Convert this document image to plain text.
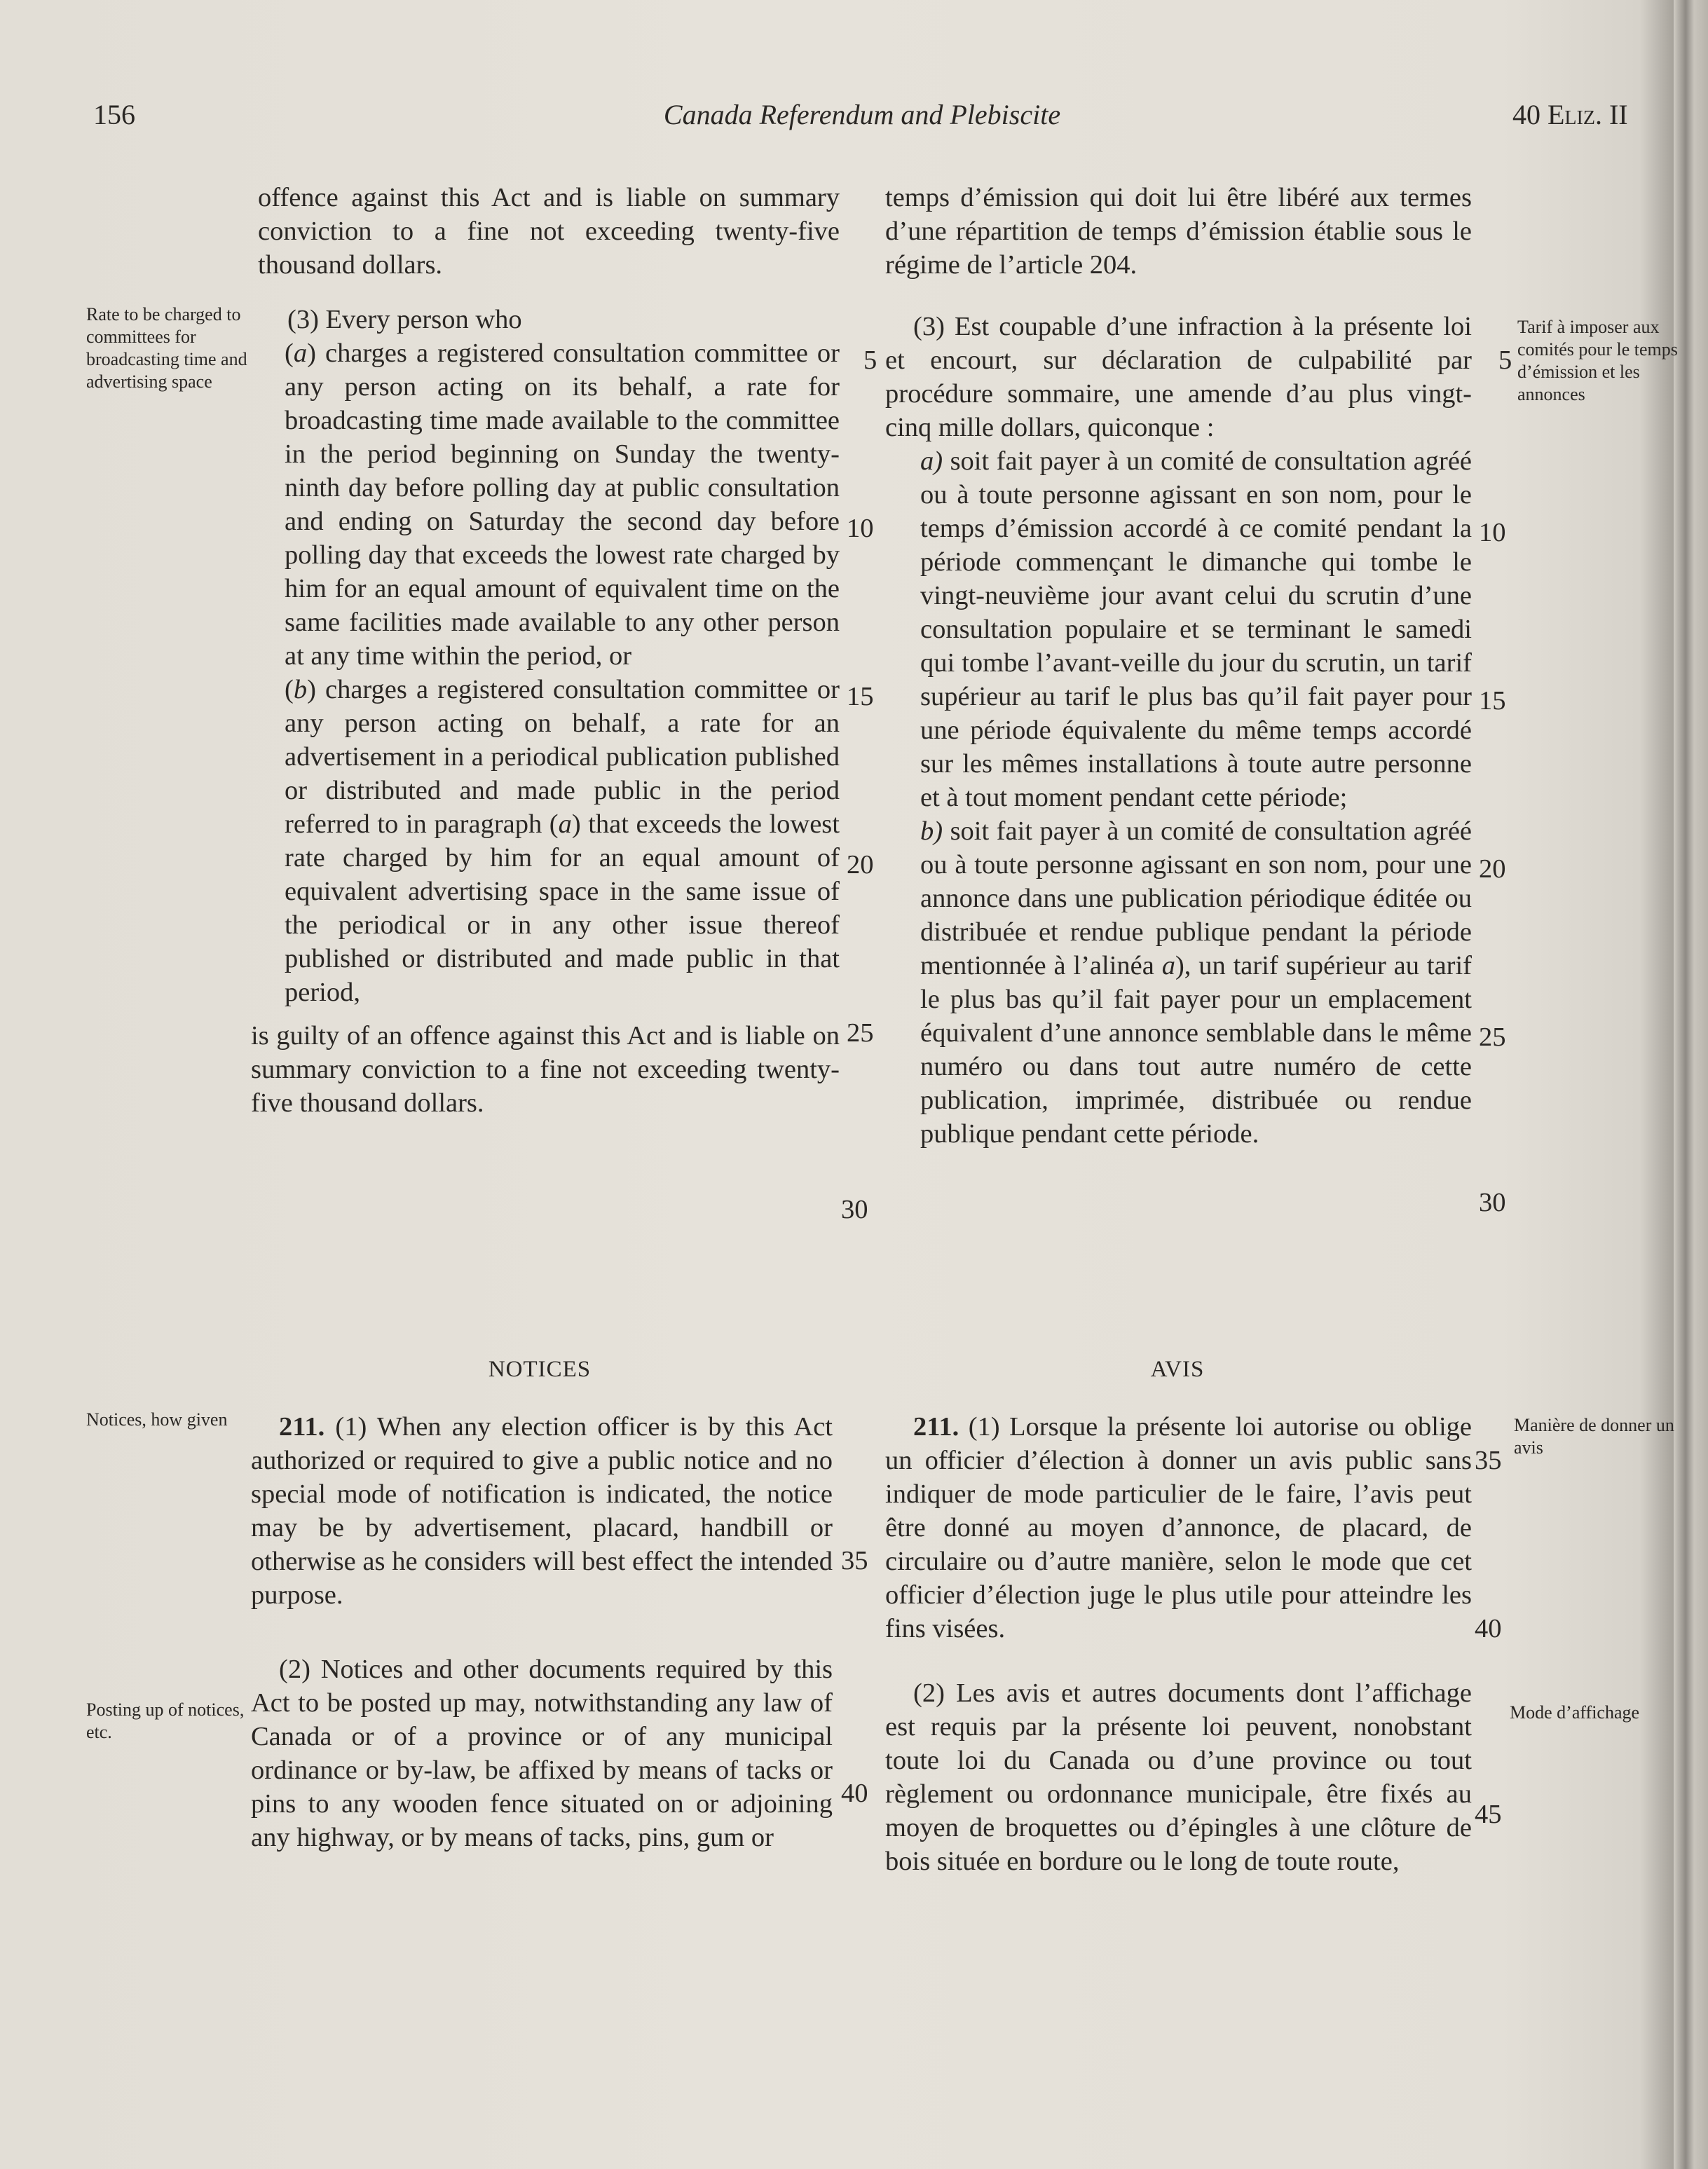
156	Canada Referendum and Plebiscite	40 Eliz. II
Rate to be charged to committees for broadcasting time and advertising space
Notices, how given
Posting up of notices, etc.
Tarif à imposer aux comités pour le temps d’émission et les annonces
Manière de donner un avis
Mode d’affichage
offence against this Act and is liable on summary conviction to a fine not exceeding twenty-five thousand dollars.

(3) Every person who

(a) charges a registered consultation committee or any person acting on its behalf, a rate for broadcasting time made available to the committee in the period beginning on Sunday the twenty-ninth day before polling day at public consultation and ending on Saturday the second day before polling day that exceeds the lowest rate charged by him for an equal amount of equivalent time on the same facilities made available to any other person at any time within the period, or

(b) charges a registered consultation committee or any person acting on behalf, a rate for an advertisement in a periodical publication published or distributed and made public in the period referred to in paragraph (a) that exceeds the lowest rate charged by him for an equal amount of equivalent advertising space in the same issue of the periodical or in any other issue thereof published or distributed and made public in that period,

is guilty of an offence against this Act and is liable on summary conviction to a fine not exceeding twenty-five thousand dollars.

NOTICES

211. (1) When any election officer is by this Act authorized or required to give a public notice and no special mode of notification is indicated, the notice may be by advertisement, placard, handbill or otherwise as he considers will best effect the intended purpose.

(2) Notices and other documents required by this Act to be posted up may, notwithstanding any law of Canada or of a province or of any municipal ordinance or by-law, be affixed by means of tacks or pins to any wooden fence situated on or adjoining any highway, or by means of tacks, pins, gum or

5
10
15
20
25
30
35
40
temps d’émission qui doit lui être libéré aux termes d’une répartition de temps d’émission établie sous le régime de l’article 204.

(3) Est coupable d’une infraction à la présente loi et encourt, sur déclaration de culpabilité par procédure sommaire, une amende d’au plus vingt-cinq mille dollars, quiconque :

a) soit fait payer à un comité de consultation agréé ou à toute personne agissant en son nom, pour le temps d’émission accordé à ce comité pendant la période commençant le dimanche qui tombe le vingt-neuvième jour avant celui du scrutin d’une consultation populaire et se terminant le samedi qui tombe l’avant-veille du jour du scrutin, un tarif supérieur au tarif le plus bas qu’il fait payer pour une période équivalente du même temps accordé sur les mêmes installations à toute autre personne et à tout moment pendant cette période;

b) soit fait payer à un comité de consultation agréé ou à toute personne agissant en son nom, pour une annonce dans une publication périodique éditée ou distribuée et rendue publique pendant la période mentionnée à l’alinéa a), un tarif supérieur au tarif le plus bas qu’il fait payer pour un emplacement équivalent d’une annonce semblable dans le même numéro ou dans tout autre numéro de cette publication, imprimée, distribuée ou rendue publique pendant cette période.

AVIS

211. (1) Lorsque la présente loi autorise ou oblige un officier d’élection à donner un avis public sans indiquer de mode particulier de le faire, l’avis peut être donné au moyen d’annonce, de placard, de circulaire ou d’autre manière, selon le mode que cet officier d’élection juge le plus utile pour atteindre les fins visées.

(2) Les avis et autres documents dont l’affichage est requis par la présente loi peuvent, nonobstant toute loi du Canada ou d’une province ou tout règlement ou ordonnance municipale, être fixés au moyen de broquettes ou d’épingles à une clôture de bois située en bordure ou le long de toute route,

5
10
15
20
25
30
35
40
45
